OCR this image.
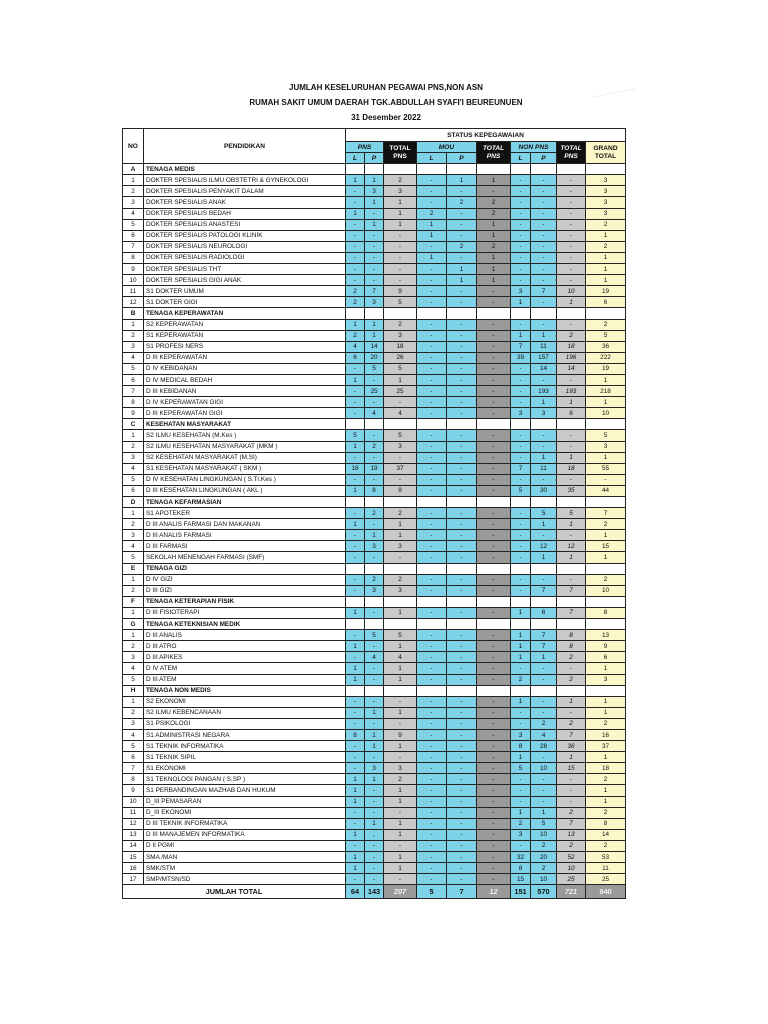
JUMLAH KESELURUHAN PEGAWAI PNS,NON ASN
RUMAH SAKIT UMUM DAERAH TGK.ABDULLAH SYAFI'I BEUREUNUEN
31 Desember 2022
NO	PENDIDIKAN	STATUS KEPEGAWAIAN									
		PNS		TOTAL PNS	MOU		TOTAL PNS	NON PNS		TOTAL PNS	GRAND TOTAL
		L	P		L	P		L	P		
A	TENAGA MEDIS										
1	DOKTER SPESIALIS ILMU OBSTETRI & GYNEKOLOGI	1	1	2	-	1	1	-	-	-	3
2	DOKTER SPESIALIS PENYAKIT DALAM	-	3	3	-	-	-	-	-	-	3
3	DOKTER SPESIALIS ANAK	-	1	1	-	2	2	-	-	-	3
4	DOKTER SPESIALIS BEDAH	1	-	1	2	-	2	-	-	-	3
5	DOKTER SPESIALIS ANASTESI	-	1	1	1	-	1	-	-	-	2
6	DOKTER SPESIALIS PATOLOGI KLINIK	-	-	-	1	-	1	-	-	-	1
7	DOKTER SPESIALIS NEUROLOGI	-	-	-	-	2	2	-	-	-	2
8	DOKTER SPESIALIS RADIOLOGI	-	-	-	1	-	1	-	-	-	1
9	DOKTER SPESIALIS THT	-	-	-	-	1	1	-	-	-	1
10	DOKTER SPESIALIS GIGI ANAK	-	-	-	-	1	1	-	-	-	1
11	S1 DOKTER UMUM	2	7	9	-	-	-	3	7	10	19
12	S1 DOKTER GIGI	2	3	5	-	-	-	1	-	1	6
B	TENAGA KEPERAWATAN										
1	S2 KEPERAWATAN	1	1	2	-	-	-	-	-	-	2
2	S1 KEPERAWATAN	2	1	3	-	-	-	1	1	2	5
3	S1 PROFESI NERS	4	14	18	-	-	-	7	11	18	36
4	D III KEPERAWATAN	6	20	26	-	-	-	39	157	196	222
5	D IV KEBIDANAN	-	5	5	-	-	-	-	14	14	19
6	D IV MEDICAL BEDAH	1	-	1	-	-	-	-	-	-	1
7	D III KEBIDANAN	-	25	25	-	-	-	-	193	193	218
8	D IV KEPERAWATAN GIGI	-	-	-	-	-	-	-	1	1	1
9	D III KEPERAWATAN GIGI	-	4	4	-	-	-	3	3	6	10
C	KESEHATAN MASYARAKAT										
1	S2 ILMU KESEHATAN (M.Kes )	5	-	5	-	-	-	-	-	-	5
2	S2 ILMU KESEHATAN MASYARAKAT (MKM )	1	2	3	-	-	-	-	-	-	3
3	S2 KESEHATAN MASYARAKAT (M.SI)	-	-	-	-	-	-	-	1	1	1
4	S1 KESEHATAN MASYARAKAT ( SKM )	18	19	37	-	-	-	7	11	18	55
5	D IV KESEHATAN LINGKUNGAN ( S.Tr.Kes )	-	-	-	-	-	-	-	-	-	-
6	D III KESEHATAN LINGKUNGAN ( AKL )	1	8	9	-	-	-	5	30	35	44
D	TENAGA KEFARMASIAN										
1	S1 APOTEKER	-	2	2	-	-	-	-	5	5	7
2	D III ANALIS FARMASI DAN MAKANAN	1	-	1	-	-	-	-	1	1	2
3	D III ANALIS FARMASI	-	1	1	-	-	-	-	-	-	1
4	D III FARMASI	-	3	3	-	-	-	-	12	12	15
5	SEKOLAH MENENGAH FARMASI (SMF)	-	-	-	-	-	-	-	1	1	1
E	TENAGA GIZI										
1	D IV GIZI	-	2	2	-	-	-	-	-	-	2
2	D III GIZI	-	3	3	-	-	-	-	7	7	10
F	TENAGA KETERAPIAN FISIK										
1	D III FISIOTERAPI	1	-	1	-	-	-	1	6	7	8
G	TENAGA KETEKNISIAN MEDIK										
1	D III ANALIS	-	5	5	-	-	-	1	7	8	13
2	D III ATRO	1	-	1	-	-	-	1	7	8	9
3	D III APIKES	-	4	4	-	-	-	1	1	2	6
4	D IV ATEM	1	-	1	-	-	-	-	-	-	1
5	D III ATEM	1	-	1	-	-	-	2	-	2	3
H	TENAGA NON MEDIS										
1	S2 EKONOMI	-	-	-	-	-	-	1	-	1	1
2	S2 ILMU KEBENCANAAN	-	1	1	-	-	-	-	-	-	1
3	S1 PSIKOLOGI	-	-	-	-	-	-	-	2	2	2
4	S1 ADMINISTRASI NEGARA	8	1	9	-	-	-	3	4	7	16
5	S1 TEKNIK INFORMATIKA	-	1	1	-	-	-	8	28	36	37
6	S1 TEKNIK SIPIL	-	-	-	-	-	-	1	-	1	1
7	S1 EKONOMI	-	3	3	-	-	-	5	10	15	18
8	S1 TEKNOLOGI PANGAN ( S.SP )	1	1	2	-	-	-	-	-	-	2
9	S1 PERBANDINGAN MAZHAB DAN HUKUM	1	-	1	-	-	-	-	-	-	1
10	D_III PEMASARAN	1	-	1	-	-	-	-	-	-	1
11	D_III EKONOMI	-	-	-	-	-	-	1	1	2	2
12	D III TEKNIK INFORMATIKA	-	1	1	-	-	-	2	5	7	8
13	D III MANAJEMEN INFORMATIKA	1	,	1	-	-	-	3	10	13	14
14	D II PGMI	-	-	-	-	-	-	-	2	2	2
15	SMA /MAN	1	-	1	-	-	-	32	20	52	53
16	SMK/STM	1	-	1	-	-	-	8	2	10	11
17	SMP/MTSN/SD	-	-	-	-	-	-	15	10	25	25
JUMLAH TOTAL		64	143	207	5	7	12	151	570	721	940
